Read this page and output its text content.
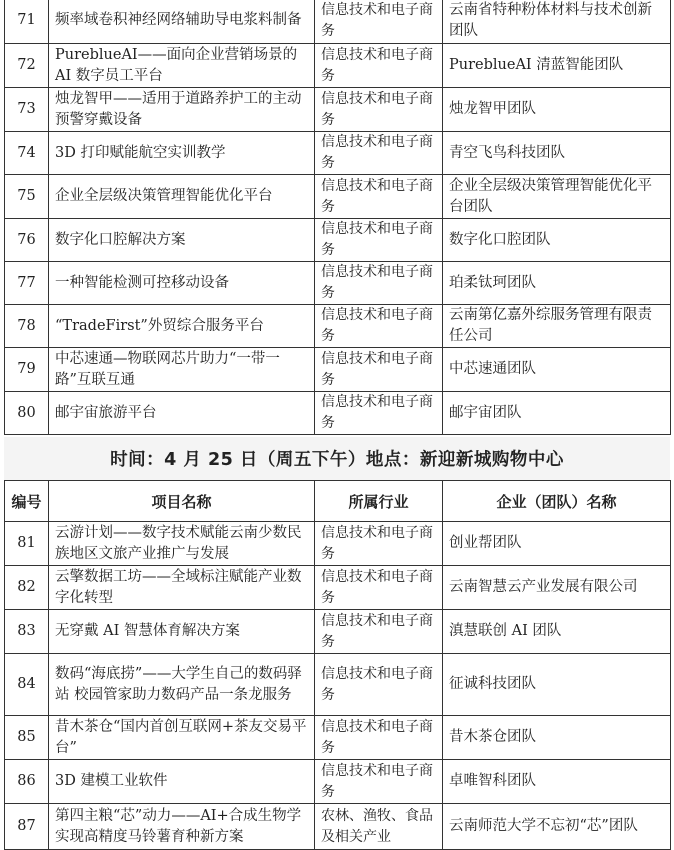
71	频率域卷积神经网络辅助导电浆料制备	信息技术和电子商务	云南省特种粉体材料与技术创新团队
72	PureblueAI——面向企业营销场景的 AI 数字员工平台	信息技术和电子商务	PureblueAI 清蓝智能团队
73	烛龙智甲——适用于道路养护工的主动预警穿戴设备	信息技术和电子商务	烛龙智甲团队
74	3D 打印赋能航空实训教学	信息技术和电子商务	青空飞鸟科技团队
75	企业全层级决策管理智能优化平台	信息技术和电子商务	企业全层级决策管理智能优化平台团队
76	数字化口腔解决方案	信息技术和电子商务	数字化口腔团队
77	一种智能检测可控移动设备	信息技术和电子商务	珀柔钛珂团队
78	“TradeFirst”外贸综合服务平台	信息技术和电子商务	云南第亿嘉外综服务管理有限责任公司
79	中芯速通—物联网芯片助力“一带一路”互联互通	信息技术和电子商务	中芯速通团队
80	邮宇宙旅游平台	信息技术和电子商务	邮宇宙团队
时间：4 月 25 日（周五下午） 地点：新迎新城购物中心
编号	项目名称	所属行业	企业（团队）名称
81	云游计划——数字技术赋能云南少数民族地区文旅产业推广与发展	信息技术和电子商务	创业帮团队
82	云擎数据工坊——全域标注赋能产业数字化转型	信息技术和电子商务	云南智慧云产业发展有限公司
83	无穿戴 AI 智慧体育解决方案	信息技术和电子商务	滇慧联创 AI 团队
84	数码“海底捞”——大学生自己的数码驿站 校园管家助力数码产品一条龙服务	信息技术和电子商务	征诚科技团队
85	昔木茶仓“国内首创互联网+茶友交易平台”	信息技术和电子商务	昔木茶仓团队
86	3D 建模工业软件	信息技术和电子商务	卓唯智科团队
87	第四主粮“芯”动力——AI+合成生物学实现高精度马铃薯育种新方案	农林、渔牧、食品及相关产业	云南师范大学不忘初“芯”团队
